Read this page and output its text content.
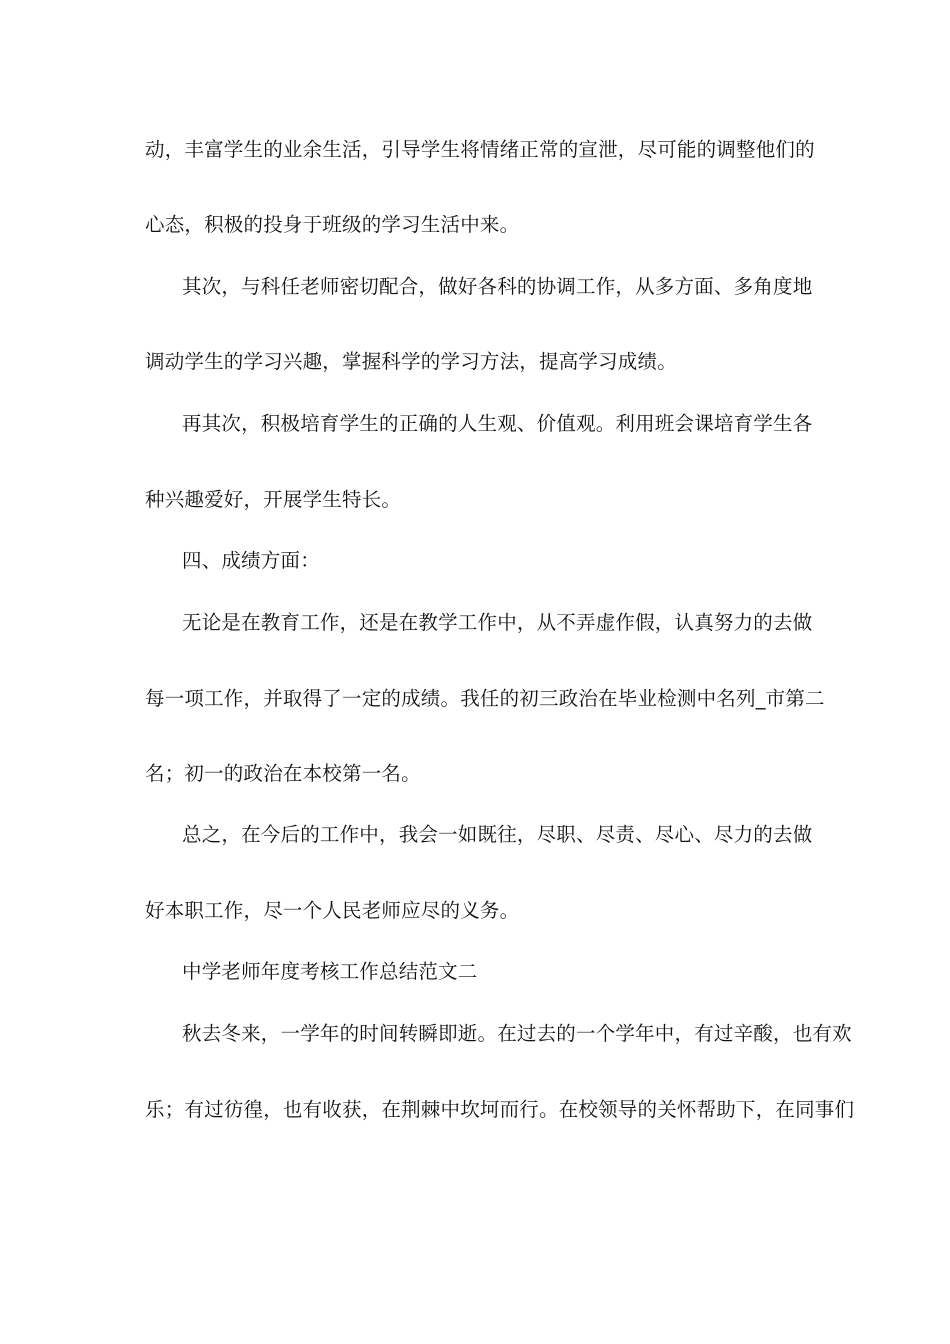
动，丰富学生的业余生活，引导学生将情绪正常的宣泄，尽可能的调整他们的
心态，积极的投身于班级的学习生活中来。
其次，与科任老师密切配合，做好各科的协调工作，从多方面、多角度地
调动学生的学习兴趣，掌握科学的学习方法，提高学习成绩。
再其次，积极培育学生的正确的人生观、价值观。利用班会课培育学生各
种兴趣爱好，开展学生特长。
四、成绩方面：
无论是在教育工作，还是在教学工作中，从不弄虚作假，认真努力的去做
每一项工作，并取得了一定的成绩。我任的初三政治在毕业检测中名列_市第二
名；初一的政治在本校第一名。
总之，在今后的工作中，我会一如既往，尽职、尽责、尽心、尽力的去做
好本职工作，尽一个人民老师应尽的义务。
中学老师年度考核工作总结范文二
秋去冬来，一学年的时间转瞬即逝。在过去的一个学年中，有过辛酸，也有欢
乐；有过彷徨，也有收获，在荆棘中坎坷而行。在校领导的关怀帮助下，在同事们
